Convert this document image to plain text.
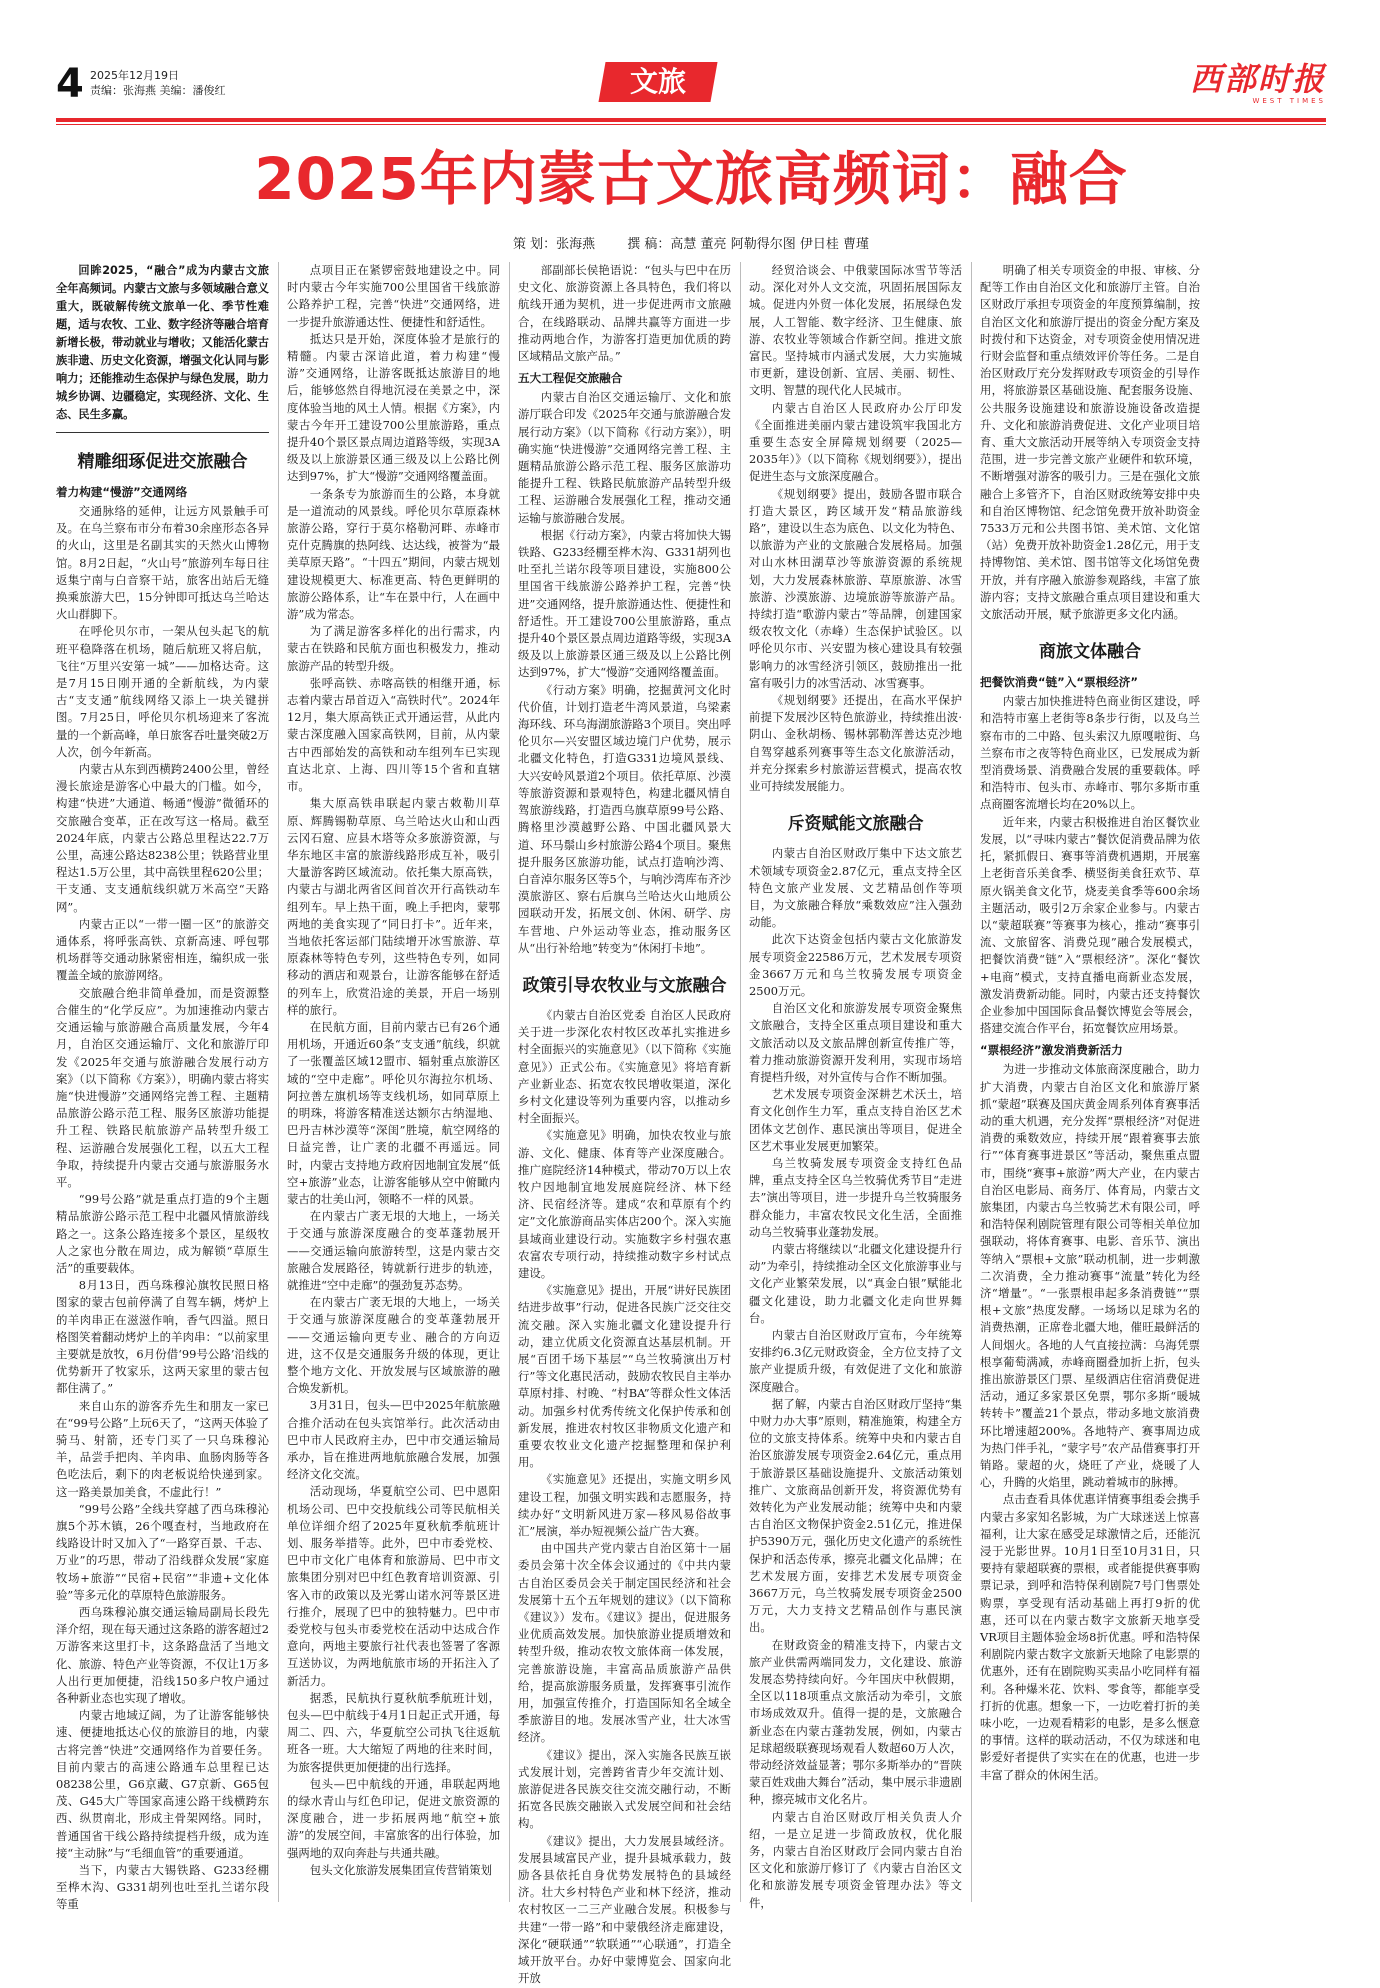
4 2025年12月19日
责编：张海燕 美编：潘俊红	文旅	西部时报
WEST TIMES
2025年内蒙古文旅高频词：融合
策 划：张海燕 撰 稿：高慧 董亮 阿勒得尔图 伊日桂 曹瑾

回眸2025，“融合”成为内蒙古文旅全年高频词。内蒙古文旅与多领域融合意义重大，既破解传统文旅单一化、季节性难题，适与农牧、工业、数字经济等融合培育新增长极，带动就业与增收；又能活化蒙古族非遗、历史文化资源，增强文化认同与影响力；还能推动生态保护与绿色发展，助力城乡协调、边疆稳定，实现经济、文化、生态、民生多赢。

精雕细琢促进交旅融合
着力构建“慢游”交通网络

交通脉络的延伸，让远方风景触手可及。在乌兰察布市分布着30余座形态各异的火山，这里是名副其实的天然火山博物馆。8月2日起，“火山号”旅游列车每日往返集宁南与白音察干站，旅客出站后无缝换乘旅游大巴，15分钟即可抵达乌兰哈达火山群脚下。

在呼伦贝尔市，一架从包头起飞的航班平稳降落在机场，随后航班又将启航，飞往“万里兴安第一城”——加格达奇。这是7月15日刚开通的全新航线，为内蒙古“支支通”航线网络又添上一块关键拼图。7月25日，呼伦贝尔机场迎来了客流量的一个新高峰，单日旅客吞吐量突破2万人次，创今年新高。

内蒙古从东到西横跨2400公里，曾经漫长旅途是游客心中最大的门槛。如今，构建“快进”大通道、畅通“慢游”微循环的交旅融合变革，正在改写这一格局。截至2024年底，内蒙古公路总里程达22.7万公里，高速公路达8238公里；铁路营业里程达1.5万公里，其中高铁里程620公里；干支通、支支通航线织就万米高空“天路网”。

内蒙古正以“一带一圈一区”的旅游交通体系，将呼张高铁、京新高速、呼包鄂机场群等交通动脉紧密相连，编织成一张覆盖全域的旅游网络。

交旅融合绝非简单叠加，而是资源整合催生的“化学反应”。为加速推动内蒙古交通运输与旅游融合高质量发展，今年4月，自治区交通运输厅、文化和旅游厅印发《2025年交通与旅游融合发展行动方案》（以下简称《方案》），明确内蒙古将实施“快进慢游”交通网络完善工程、主题精品旅游公路示范工程、服务区旅游功能提升工程、铁路民航旅游产品转型升级工程、运游融合发展强化工程，以五大工程争取，持续提升内蒙古交通与旅游服务水平。

“99号公路”就是重点打造的9个主题精品旅游公路示范工程中北疆风情旅游线路之一。这条公路连接多个景区，星级牧人之家也分散在周边，成为解锁“草原生活”的重要载体。

8月13日，西乌珠穆沁旗牧民照日格图家的蒙古包前停满了自驾车辆，烤炉上的羊肉串正在滋滋作响，香气四溢。照日格图笑着翻动烤炉上的羊肉串：“以前家里主要就是放牧，6月份借‘99号公路’沿线的优势新开了牧家乐，这两天家里的蒙古包都住满了。”

来自山东的游客乔先生和朋友一家已在“99号公路”上玩6天了，“这两天体验了骑马、射箭，还专门买了一只乌珠穆沁羊，品尝手把肉、羊肉串、血肠肉肠等各色吃法后，剩下的肉老板说给快递到家。这一路美景加美食，不虚此行！”

“99号公路”全线共穿越了西乌珠穆沁旗5个苏木镇，26个嘎查村，当地政府在线路设计时又加入了“一路穿百景、千志、万业”的巧思，带动了沿线群众发展“家庭牧场+旅游”“民宿+民宿”“非遗+文化体验”等多元化的草原特色旅游服务。

西乌珠穆沁旗交通运输局副局长段先泽介绍，现在每天通过这条路的游客超过2万游客来这里打卡，这条路盘活了当地文化、旅游、特色产业等资源，不仅让1万多人出行更加便捷，沿线150多户牧户通过各种新业态也实现了增收。

内蒙古地域辽阔，为了让游客能够快速、便捷地抵达心仪的旅游目的地，内蒙古将完善“快进”交通网络作为首要任务。目前内蒙古的高速公路通车总里程已达08238公里，G6京藏、G7京新、G65包茂、G45大广等国家高速公路干线横跨东西、纵贯南北，形成主骨架网络。同时，普通国省干线公路持续提档升级，成为连接“主动脉”与“毛细血管”的重要通道。

当下，内蒙古大锡铁路、G233经棚至桦木沟、G331胡列也吐至扎兰诺尔段等重

点项目正在紧锣密鼓地建设之中。同时内蒙古今年实施700公里国省干线旅游公路养护工程，完善“快进”交通网络，进一步提升旅游通达性、便捷性和舒适性。

抵达只是开始，深度体验才是旅行的精髓。内蒙古深谙此道，着力构建“慢游”交通网络，让游客既抵达旅游目的地后，能够悠然自得地沉浸在美景之中，深度体验当地的风土人情。根据《方案》，内蒙古今年开工建设700公里旅游路，重点提升40个景区景点周边道路等级，实现3A级及以上旅游景区通三级及以上公路比例达到97%，扩大“慢游”交通网络覆盖面。

一条条专为旅游而生的公路，本身就是一道流动的风景线。呼伦贝尔草原森林旅游公路，穿行于莫尔格勒河畔、赤峰市克什克腾旗的热阿线、达达线，被誉为“最美草原天路”。“十四五”期间，内蒙古规划建设规模更大、标准更高、特色更鲜明的旅游公路体系，让“车在景中行，人在画中游”成为常态。

为了满足游客多样化的出行需求，内蒙古在铁路和民航方面也积极发力，推动旅游产品的转型升级。

张呼高铁、赤喀高铁的相继开通，标志着内蒙古昂首迈入“高铁时代”。2024年12月，集大原高铁正式开通运营，从此内蒙古深度融入国家高铁网，目前，从内蒙古中西部始发的高铁和动车组列车已实现直达北京、上海、四川等15个省和直辖市。

集大原高铁串联起内蒙古敕勒川草原、辉腾锡勒草原、乌兰哈达火山和山西云冈石窟、应县木塔等众多旅游资源，与华东地区丰富的旅游线路形成互补，吸引大量游客跨区域流动。依托集大原高铁，内蒙古与湖北两省区间首次开行高铁动车组列车。早上热干面，晚上手把肉，蒙鄂两地的美食实现了“同日打卡”。近年来，当地依托客运部门陆续增开冰雪旅游、草原森林等特色专列，这些特色专列，如同移动的酒店和观景台，让游客能够在舒适的列车上，欣赏沿途的美景，开启一场别样的旅行。

在民航方面，目前内蒙古已有26个通用机场，开通近60条“支支通”航线，织就了一张覆盖区域12盟市、辐射重点旅游区域的“空中走廊”。呼伦贝尔海拉尔机场、阿拉善左旗机场等支线机场，如同草原上的明珠，将游客精准送达额尔古纳湿地、巴丹吉林沙漠等“深闺”胜境，航空网络的日益完善，让广袤的北疆不再遥远。同时，内蒙古支持地方政府因地制宜发展“低空+旅游”业态，让游客能够从空中俯瞰内蒙古的壮美山河，领略不一样的风景。

在内蒙古广袤无垠的大地上，一场关于交通与旅游深度融合的变革蓬勃展开——交通运输向旅游转型，这是内蒙古交旅融合发展路径，铸就新行进步的轨迹，就推进“空中走廊”的强劲复苏态势。

在内蒙古广袤无垠的大地上，一场关于交通与旅游深度融合的变革蓬勃展开——交通运输向更专业、融合的方向迈进，这不仅是交通服务升级的体现，更让整个地方文化、开放发展与区域旅游的融合焕发新机。

3月31日，包头—巴中2025年航旅融合推介活动在包头宾馆举行。此次活动由巴中市人民政府主办，巴中市交通运输局承办，旨在推进两地航旅融合发展，加强经济文化交流。

活动现场，华夏航空公司、巴中恩阳机场公司、巴中交投航线公司等民航相关单位详细介绍了2025年夏秋航季航班计划、服务举措等。此外，巴中市委党校、巴中市文化广电体育和旅游局、巴中市文旅集团分别对巴中红色教育培训资源、引客入市的政策以及光雾山诺水河等景区进行推介，展现了巴中的独特魅力。巴中市委党校与包头市委党校在活动中达成合作意向，两地主要旅行社代表也签署了客源互送协议，为两地航旅市场的开拓注入了新活力。

据悉，民航执行夏秋航季航班计划，包头—巴中航线于4月1日起正式开通，每周二、四、六，华夏航空公司执飞往返航班各一班。大大缩短了两地的往来时间，为旅客提供更加便捷的出行选择。

包头—巴中航线的开通，串联起两地的绿水青山与红色印记，促进文旅资源的深度融合，进一步拓展两地“航空+旅游”的发展空间，丰富旅客的出行体验，加强两地的双向奔赴与共通共融。

包头文化旅游发展集团宣传营销策划

部副部长侯艳语说：“包头与巴中在历史文化、旅游资源上各具特色，我们将以航线开通为契机，进一步促进两市文旅融合，在线路联动、品牌共赢等方面进一步推动两地合作，为游客打造更加优质的跨区域精品文旅产品。”

五大工程促交旅融合

内蒙古自治区交通运输厅、文化和旅游厅联合印发《2025年交通与旅游融合发展行动方案》（以下简称《行动方案》），明确实施“快进慢游”交通网络完善工程、主题精品旅游公路示范工程、服务区旅游功能提升工程、铁路民航旅游产品转型升级工程、运游融合发展强化工程，推动交通运输与旅游融合发展。

根据《行动方案》，内蒙古将加快大锡铁路、G233经棚至桦木沟、G331胡列也吐至扎兰诺尔段等项目建设，实施800公里国省干线旅游公路养护工程，完善“快进”交通网络，提升旅游通达性、便捷性和舒适性。开工建设700公里旅游路，重点提升40个景区景点周边道路等级，实现3A级及以上旅游景区通三级及以上公路比例达到97%，扩大“慢游”交通网络覆盖面。

《行动方案》明确，挖掘黄河文化时代价值，计划打造老牛湾风景道，乌梁素海环线、环乌海湖旅游路3个项目。突出呼伦贝尔—兴安盟区域边境门户优势，展示北疆文化特色，打造G331边境风景线、大兴安岭风景道2个项目。依托草原、沙漠等旅游资源和景观特色，构建北疆风情自驾旅游线路，打造西乌旗草原99号公路、腾格里沙漠越野公路、中国北疆风景大道、环马鬃山乡村旅游公路4个项目。聚焦提升服务区旅游功能，试点打造响沙湾、白音淖尔服务区等5个，与响沙湾库布齐沙漠旅游区、察右后旗乌兰哈达火山地质公园联动开发，拓展文创、休闲、研学、房车营地、户外运动等业态，推动服务区从“出行补给地”转变为“休闲打卡地”。

政策引导农牧业与文旅融合

《内蒙古自治区党委 自治区人民政府关于进一步深化农村牧区改革扎实推进乡村全面振兴的实施意见》（以下简称《实施意见》）正式公布。《实施意见》将培育新产业新业态、拓宽农牧民增收渠道，深化乡村文化建设等列为重要内容，以推动乡村全面振兴。

《实施意见》明确，加快农牧业与旅游、文化、健康、体育等产业深度融合。推广庭院经济14种模式，带动70万以上农牧户因地制宜地发展庭院经济、林下经济、民宿经济等。建成“农和草原有个约定”文化旅游商品实体店200个。深入实施县域商业建设行动。实施数字乡村强农惠农富农专项行动，持续推动数字乡村试点建设。

《实施意见》提出，开展“讲好民族团结进步故事”行动，促进各民族广泛交往交流交融。深入实施北疆文化建设提升行动，建立优质文化资源直达基层机制。开展“百团千场下基层”“乌兰牧骑演出万村行”等文化惠民活动，鼓励农牧民自主举办草原村排、村晚、“村BA”等群众性文体活动。加强乡村优秀传统文化保护传承和创新发展，推进农村牧区非物质文化遗产和重要农牧业文化遗产挖掘整理和保护利用。

《实施意见》还提出，实施文明乡风建设工程，加强文明实践和志愿服务，持续办好“文明新风进万家—移风易俗故事汇”展演，举办短视频公益广告大赛。

由中国共产党内蒙古自治区第十一届委员会第十次全体会议通过的《中共内蒙古自治区委员会关于制定国民经济和社会发展第十五个五年规划的建议》（以下简称《建议》）发布。《建议》提出，促进服务业优质高效发展。加快旅游业提质增效和转型升级，推动农牧文旅体商一体发展，完善旅游设施，丰富高品质旅游产品供给，提高旅游服务质量，发挥赛事引流作用，加强宣传推介，打造国际知名全域全季旅游目的地。发展冰雪产业，壮大冰雪经济。

《建议》提出，深入实施各民族互嵌式发展计划，完善跨省青少年交流计划、旅游促进各民族交往交流交融行动，不断拓宽各民族交融嵌入式发展空间和社会结构。

《建议》提出，大力发展县域经济。发展县域富民产业，提升县城承载力，鼓励各县依托自身优势发展特色的县域经济。壮大乡村特色产业和林下经济，推动农村牧区一二三产业融合发展。积极参与共建“一带一路”和中蒙俄经济走廊建设，深化“硬联通”“软联通”“心联通”，打造全域开放平台。办好中蒙博览会、国家向北开放

经贸洽谈会、中俄蒙国际冰雪节等活动。深化对外人文交流，巩固拓展国际友城。促进内外贸一体化发展，拓展绿色发展，人工智能、数字经济、卫生健康、旅游、农牧业等领域合作新空间。推进文旅富民。坚持城市内涵式发展，大力实施城市更新，建设创新、宜居、美丽、韧性、文明、智慧的现代化人民城市。

内蒙古自治区人民政府办公厅印发《全面推进美丽内蒙古建设筑牢我国北方重要生态安全屏障规划纲要（2025—2035年）》（以下简称《规划纲要》），提出促进生态与文旅深度融合。

《规划纲要》提出，鼓励各盟市联合打造大景区，跨区域开发“精品旅游线路”，建设以生态为底色、以文化为特色、以旅游为产业的文旅融合发展格局。加强对山水林田湖草沙等旅游资源的系统规划，大力发展森林旅游、草原旅游、冰雪旅游、沙漠旅游、边境旅游等旅游产品。持续打造“歌游内蒙古”等品牌，创建国家级农牧文化（赤峰）生态保护试验区。以呼伦贝尔市、兴安盟为核心建设具有较强影响力的冰雪经济引领区，鼓励推出一批富有吸引力的冰雪活动、冰雪赛事。

《规划纲要》还提出，在高水平保护前提下发展沙区特色旅游业，持续推出波·阴山、金秋胡杨、锡林郭勒浑善达克沙地自驾穿越系列赛事等生态文化旅游活动，并充分探索乡村旅游运营模式，提高农牧业可持续发展能力。

斥资赋能文旅融合

内蒙古自治区财政厅集中下达文旅艺术领域专项资金2.87亿元，重点支持全区特色文旅产业发展、文艺精品创作等项目，为文旅融合释放“乘数效应”注入强劲动能。

此次下达资金包括内蒙古文化旅游发展专项资金22586万元，艺术发展专项资金3667万元和乌兰牧骑发展专项资金2500万元。

自治区文化和旅游发展专项资金聚焦文旅融合，支持全区重点项目建设和重大文旅活动以及文旅品牌创新宣传推广等，着力推动旅游资源开发利用，实现市场培育提档升级，对外宣传与合作不断加强。

艺术发展专项资金深耕艺术沃土，培育文化创作生力军，重点支持自治区艺术团体文艺创作、惠民演出等项目，促进全区艺术事业发展更加繁荣。

乌兰牧骑发展专项资金支持红色品牌，重点支持全区乌兰牧骑优秀节目“走进去”演出等项目，进一步提升乌兰牧骑服务群众能力，丰富农牧民文化生活，全面推动乌兰牧骑事业蓬勃发展。

内蒙古将继续以“北疆文化建设提升行动”为牵引，持续推动全区文化旅游事业与文化产业繁荣发展，以“真金白银”赋能北疆文化建设，助力北疆文化走向世界舞台。

内蒙古自治区财政厅宣布，今年统筹安排约6.3亿元财政资金，全方位支持了文旅产业提质升级，有效促进了文化和旅游深度融合。

据了解，内蒙古自治区财政厅坚持“集中财力办大事”原则，精准施策，构建全方位的文旅支持体系。统筹中央和内蒙古自治区旅游发展专项资金2.64亿元，重点用于旅游景区基础设施提升、文旅活动策划推广、文旅商品创新开发，将资源优势有效转化为产业发展动能；统筹中央和内蒙古自治区文物保护资金2.51亿元，推进保护5390万元，强化历史文化遗产的系统性保护和活态传承，擦亮北疆文化品牌；在艺术发展方面，安排艺术发展专项资金3667万元，乌兰牧骑发展专项资金2500万元，大力支持文艺精品创作与惠民演出。

在财政资金的精准支持下，内蒙古文旅产业供需两端同发力，文化建设、旅游发展态势持续向好。今年国庆中秋假期，全区以118项重点文旅活动为牵引，文旅市场成效双升。值得一提的是，文旅融合新业态在内蒙古蓬勃发展，例如，内蒙古足球超级联赛现场观看人数超60万人次，带动经济效益显著；鄂尔多斯举办的“晋陕蒙百姓戏曲大舞台”活动，集中展示非遗剧种，擦亮城市文化名片。

内蒙古自治区财政厅相关负责人介绍，一是立足进一步简政放权，优化服务，内蒙古自治区财政厅会同内蒙古自治区文化和旅游厅修订了《内蒙古自治区文化和旅游发展专项资金管理办法》等文件，

明确了相关专项资金的申报、审核、分配等工作由自治区文化和旅游厅主管。自治区财政厅承担专项资金的年度预算编制，按自治区文化和旅游厅提出的资金分配方案及时拨付和下达资金，对专项资金使用情况进行财会监督和重点绩效评价等任务。二是自治区财政厅充分发挥财政专项资金的引导作用，将旅游景区基础设施、配套服务设施、公共服务设施建设和旅游设施设备改造提升、文化和旅游消费促进、文化产业项目培育、重大文旅活动开展等纳入专项资金支持范围，进一步完善文旅产业硬件和软环境，不断增强对游客的吸引力。三是在强化文旅融合上多管齐下，自治区财政统筹安排中央和自治区博物馆、纪念馆免费开放补助资金7533万元和公共图书馆、美术馆、文化馆（站）免费开放补助资金1.28亿元，用于支持博物馆、美术馆、图书馆等文化场馆免费开放，并有序融入旅游参观路线，丰富了旅游内容；支持文旅融合重点项目建设和重大文旅活动开展，赋予旅游更多文化内涵。

商旅文体融合
把餐饮消费“链”入“票根经济”

内蒙古加快推进特色商业街区建设，呼和浩特市塞上老街等8条步行街，以及乌兰察布市的二中路、包头索汉九原嘎啦街、乌兰察布市之夜等特色商业区，已发展成为新型消费场景、消费融合发展的重要载体。呼和浩特市、包头市、赤峰市、鄂尔多斯市重点商圈客流增长均在20%以上。

近年来，内蒙古积极推进自治区餐饮业发展，以“寻味内蒙古”餐饮促消费品牌为依托，紧抓假日、赛事等消费机遇期，开展塞上老街音乐美食季、横竖街美食狂欢节、草原火锅美食文化节，烧麦美食季等600余场主题活动，吸引2万余家企业参与。内蒙古以“蒙超联赛”等赛事为核心，推动“赛事引流、文旅留客、消费兑现”融合发展模式，把餐饮消费“链”入“票根经济”。深化“餐饮+电商”模式，支持直播电商新业态发展，激发消费新动能。同时，内蒙古还支持餐饮企业参加中国国际食品餐饮博览会等展会，搭建交流合作平台，拓宽餐饮应用场景。

“票根经济”激发消费新活力

为进一步推动文体旅商深度融合，助力扩大消费，内蒙古自治区文化和旅游厅紧抓“蒙超”联赛及国庆黄金周系列体育赛事活动的重大机遇，充分发挥“票根经济”对促进消费的乘数效应，持续开展“跟着赛事去旅行”“体育赛事进景区”等活动，聚焦重点盟市，围绕“赛事+旅游”两大产业，在内蒙古自治区电影局、商务厅、体育局，内蒙古文旅集团，内蒙古乌兰牧骑艺术有限公司，呼和浩特保利剧院管理有限公司等相关单位加强联动，将体育赛事、电影、音乐节、演出等纳入“票根+文旅”联动机制，进一步刺激二次消费，全力推动赛事“流量”转化为经济“增量”。“一张票根串起多条消费链”“票根+文旅”热度发酵。一场场以足球为名的消费热潮，正席卷北疆大地，催旺最鲜活的人间烟火。各地的人气直接拉满：乌海凭票根享葡萄满减，赤峰商圈叠加折上折，包头推出旅游景区门票、星级酒店住宿消费促进活动，通辽多家景区免票，鄂尔多斯“暖城转转卡”覆盖21个景点，带动多地文旅消费环比增速超200%。各地特产、赛事周边成为热门伴手礼，“蒙字号”农产品借赛事打开销路。蒙超的火，烧旺了产业，烧暖了人心，升腾的火焰里，跳动着城市的脉搏。

点击查看具体优惠详情赛事组委会携手内蒙古多家知名影城，为广大球迷送上惊喜福利，让大家在感受足球激情之后，还能沉浸于光影世界。10月1日至10月31日，只要持有蒙超联赛的票根，或者能提供赛事购票记录，到呼和浩特保利剧院7号门售票处购票，享受现有活动基础上再打9折的优惠，还可以在内蒙古数字文旅新天地享受VR项目主题体验金场8折优惠。呼和浩特保利剧院内蒙古数字文旅新天地除了电影票的优惠外，还有在剧院购买卖品小吃同样有福利。各种爆米花、饮料、零食等，都能享受打折的优惠。想象一下，一边吃着打折的美味小吃，一边观看精彩的电影，是多么惬意的事情。这样的联动活动，不仅为球迷和电影爱好者提供了实实在在的优惠，也进一步丰富了群众的休闲生活。
